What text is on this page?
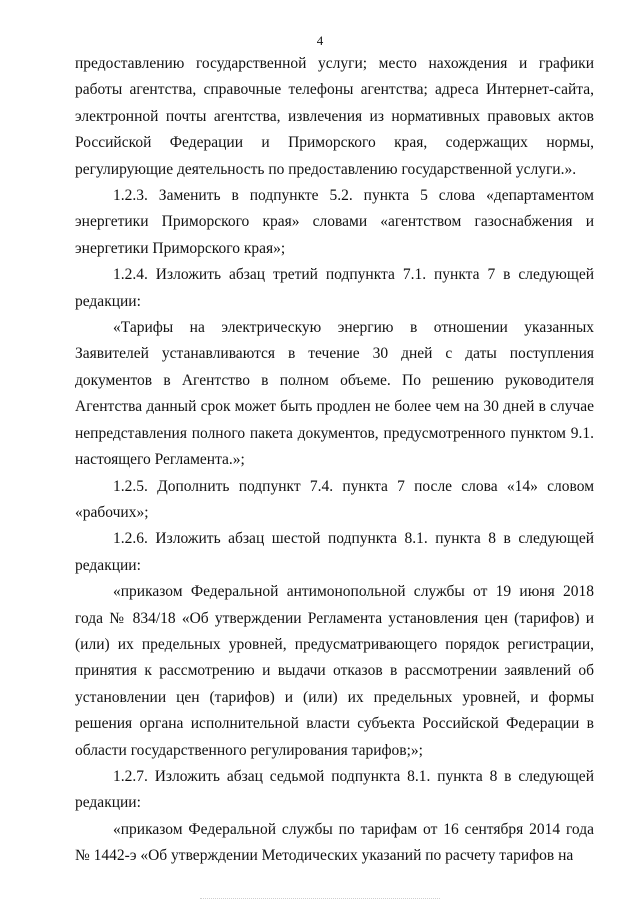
4

предоставлению государственной услуги; место нахождения и графики работы агентства, справочные телефоны агентства; адреса Интернет-сайта, электронной почты агентства, извлечения из нормативных правовых актов Российской Федерации и Приморского края, содержащих нормы, регулирующие деятельность по предоставлению государственной услуги.».

1.2.3. Заменить в подпункте 5.2. пункта 5 слова «департаментом энергетики Приморского края» словами «агентством газоснабжения и энергетики Приморского края»;

1.2.4. Изложить абзац третий подпункта 7.1. пункта 7 в следующей редакции:

«Тарифы на электрическую энергию в отношении указанных Заявителей устанавливаются в течение 30 дней с даты поступления документов в Агентство в полном объеме. По решению руководителя Агентства данный срок может быть продлен не более чем на 30 дней в случае непредставления полного пакета документов, предусмотренного пунктом 9.1. настоящего Регламента.»;

1.2.5. Дополнить подпункт 7.4. пункта 7 после слова «14» словом «рабочих»;

1.2.6. Изложить абзац шестой подпункта 8.1. пункта 8 в следующей редакции:

«приказом Федеральной антимонопольной службы от 19 июня 2018 года № 834/18 «Об утверждении Регламента установления цен (тарифов) и (или) их предельных уровней, предусматривающего порядок регистрации, принятия к рассмотрению и выдачи отказов в рассмотрении заявлений об установлении цен (тарифов) и (или) их предельных уровней, и формы решения органа исполнительной власти субъекта Российской Федерации в области государственного регулирования тарифов;»;

1.2.7. Изложить абзац седьмой подпункта 8.1. пункта 8 в следующей редакции:

«приказом Федеральной службы по тарифам от 16 сентября 2014 года № 1442-э «Об утверждении Методических указаний по расчету тарифов на
